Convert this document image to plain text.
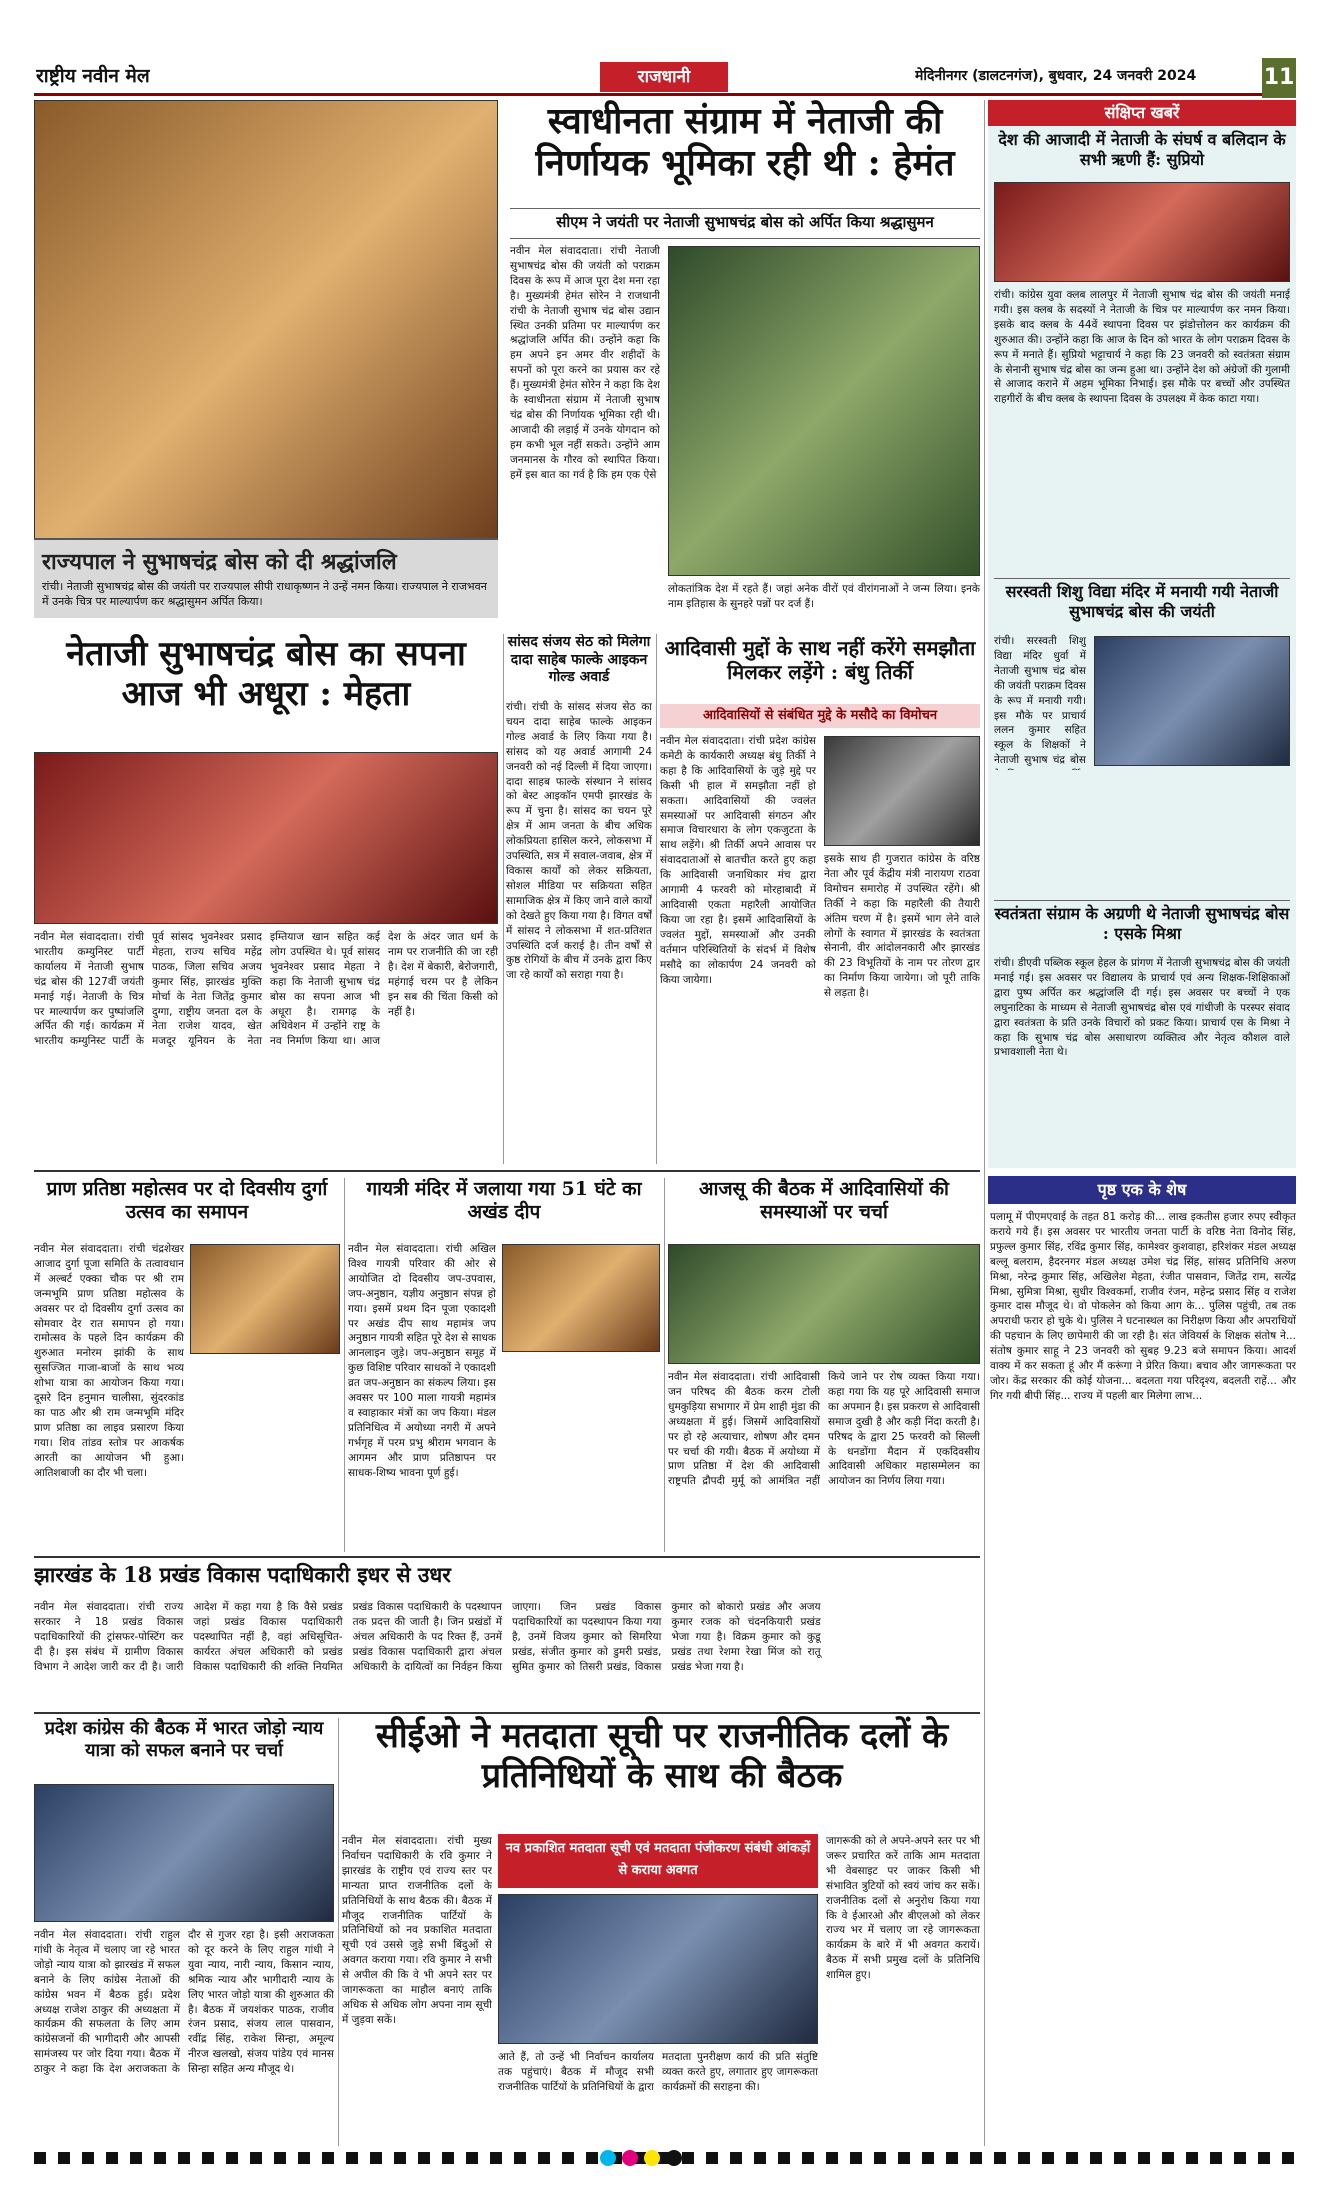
राष्ट्रीय नवीन मेल	राजधानी	मेदिनीनगर (डालटनगंज), बुधवार, 24 जनवरी 2024	11
राज्यपाल ने सुभाषचंद्र बोस को दी श्रद्धांजलि
रांची। नेताजी सुभाषचंद्र बोस की जयंती पर राज्यपाल सीपी राधाकृष्णन ने उन्हें नमन किया। राज्यपाल ने राजभवन में उनके चित्र पर माल्यार्पण कर श्रद्धासुमन अर्पित किया।
स्वाधीनता संग्राम में नेताजी की निर्णायक भूमिका रही थी : हेमंत
सीएम ने जयंती पर नेताजी सुभाषचंद्र बोस को अर्पित किया श्रद्धासुमन
नवीन मेल संवाददाता। रांची नेताजी सुभाषचंद्र बोस की जयंती को पराक्रम दिवस के रूप में आज पूरा देश मना रहा है। मुख्यमंत्री हेमंत सोरेन ने राजधानी रांची के नेताजी सुभाष चंद्र बोस उद्यान स्थित उनकी प्रतिमा पर माल्यार्पण कर श्रद्धांजलि अर्पित की। उन्होंने कहा कि हम अपने इन अमर वीर शहीदों के सपनों को पूरा करने का प्रयास कर रहे हैं। मुख्यमंत्री हेमंत सोरेन ने कहा कि देश के स्वाधीनता संग्राम में नेताजी सुभाष चंद्र बोस की निर्णायक भूमिका रही थी। आजादी की लड़ाई में उनके योगदान को हम कभी भूल नहीं सकते। उन्होंने आम जनमानस के गौरव को स्थापित किया। हमें इस बात का गर्व है कि हम एक ऐसे
लोकतांत्रिक देश में रहते हैं। जहां अनेक वीरों एवं वीरांगनाओं ने जन्म लिया। इनके नाम इतिहास के सुनहरे पन्नों पर दर्ज हैं।
संक्षिप्त खबरें
देश की आजादी में नेताजी के संघर्ष व बलिदान के सभी ऋणी हैं: सुप्रियो
रांची। कांग्रेस युवा क्लब लालपुर में नेताजी सुभाष चंद्र बोस की जयंती मनाई गयी। इस क्लब के सदस्यों ने नेताजी के चित्र पर माल्यार्पण कर नमन किया। इसके बाद क्लब के 44वें स्थापना दिवस पर झंडोत्तोलन कर कार्यक्रम की शुरुआत की। उन्होंने कहा कि आज के दिन को भारत के लोग पराक्रम दिवस के रूप में मनाते हैं। सुप्रियो भट्टाचार्य ने कहा कि 23 जनवरी को स्वतंत्रता संग्राम के सेनानी सुभाष चंद्र बोस का जन्म हुआ था। उन्होंने देश को अंग्रेजों की गुलामी से आजाद कराने में अहम भूमिका निभाई। इस मौके पर बच्चों और उपस्थित राहगीरों के बीच क्लब के स्थापना दिवस के उपलक्ष्य में केक काटा गया।
सरस्वती शिशु विद्या मंदिर में मनायी गयी नेताजी सुभाषचंद्र बोस की जयंती
रांची। सरस्वती शिशु विद्या मंदिर धुर्वा में नेताजी सुभाष चंद्र बोस की जयंती पराक्रम दिवस के रूप में मनायी गयी। इस मौके पर प्राचार्य ललन कुमार सहित स्कूल के शिक्षकों ने नेताजी सुभाष चंद्र बोस
स्वतंत्रता संग्राम के अग्रणी थे नेताजी सुभाषचंद्र बोस : एसके मिश्रा
रांची। डीएवी पब्लिक स्कूल हेहल के प्रांगण में नेताजी सुभाषचंद्र बोस की जयंती मनाई गई। इस अवसर पर विद्यालय के प्राचार्य एवं अन्य शिक्षक-शिक्षिकाओं द्वारा पुष्प अर्पित कर श्रद्धांजलि दी गई। इस अवसर पर बच्चों ने एक लघुनाटिका के माध्यम से नेताजी सुभाषचंद्र बोस एवं गांधीजी के परस्पर संवाद द्वारा स्वतंत्रता के प्रति उनके विचारों को प्रकट किया। प्राचार्य एस के मिश्रा ने कहा कि सुभाष चंद्र बोस असाधारण व्यक्तित्व और नेतृत्व कौशल वाले प्रभावशाली नेता थे।
नेताजी सुभाषचंद्र बोस का सपना आज भी अधूरा : मेहता
नवीन मेल संवाददाता। रांची भारतीय कम्युनिस्ट पार्टी कार्यालय में नेताजी सुभाष चंद्र बोस की 127वीं जयंती मनाई गई। नेताजी के चित्र पर माल्यार्पण कर पुष्पांजलि अर्पित की गई। कार्यक्रम में भारतीय कम्युनिस्ट पार्टी के पूर्व सांसद भुवनेश्वर प्रसाद मेहता, राज्य सचिव महेंद्र पाठक, जिला सचिव अजय कुमार सिंह, झारखंड मुक्ति मोर्चा के नेता जितेंद्र कुमार दुग्गा, राष्ट्रीय जनता दल के नेता राजेश यादव, खेत मजदूर यूनियन के नेता इम्तियाज खान सहित कई लोग उपस्थित थे। पूर्व सांसद भुवनेश्वर प्रसाद मेहता ने कहा कि नेताजी सुभाष चंद्र बोस का सपना आज भी अधूरा है। रामगढ़ के अधिवेशन में उन्होंने राष्ट्र के नव निर्माण किया था। आज देश के अंदर जात धर्म के नाम पर राजनीति की जा रही है। देश में बेकारी, बेरोजगारी, महंगाई चरम पर है लेकिन इन सब की चिंता किसी को नहीं है।
सांसद संजय सेठ को मिलेगा दादा साहेब फाल्के आइकन गोल्ड अवार्ड
रांची। रांची के सांसद संजय सेठ का चयन दादा साहेब फाल्के आइकन गोल्ड अवार्ड के लिए किया गया है। सांसद को यह अवार्ड आगामी 24 जनवरी को नई दिल्ली में दिया जाएगा। दादा साहब फाल्के संस्थान ने सांसद को बेस्ट आइकॉन एमपी झारखंड के रूप में चुना है। सांसद का चयन पूरे क्षेत्र में आम जनता के बीच अधिक लोकप्रियता हासिल करने, लोकसभा में उपस्थिति, सत्र में सवाल-जवाब, क्षेत्र में विकास कार्यों को लेकर सक्रियता, सोशल मीडिया पर सक्रियता सहित सामाजिक क्षेत्र में किए जाने वाले कार्यों को देखते हुए किया गया है। विगत वर्षों में सांसद ने लोकसभा में शत-प्रतिशत उपस्थिति दर्ज कराई है। तीन वर्षों से कुष्ठ रोगियों के बीच में उनके द्वारा किए जा रहे कार्यों को सराहा गया है।
आदिवासी मुद्दों के साथ नहीं करेंगे समझौता मिलकर लड़ेंगे : बंधु तिर्की
आदिवासियों से संबंधित मुद्दे के मसौदे का विमोचन
नवीन मेल संवाददाता। रांची प्रदेश कांग्रेस कमेटी के कार्यकारी अध्यक्ष बंधु तिर्की ने कहा है कि आदिवासियों के जुड़े मुद्दे पर किसी भी हाल में समझौता नहीं हो सकता। आदिवासियों की ज्वलंत समस्याओं पर आदिवासी संगठन और समाज विचारधारा के लोग एकजुटता के साथ लड़ेंगे। श्री तिर्की अपने आवास पर संवाददाताओं से बातचीत करते हुए कहा कि आदिवासी जनाधिकार मंच द्वारा आगामी 4 फरवरी को मोरहाबादी में आदिवासी एकता महारैली आयोजित किया जा रहा है। इसमें आदिवासियों के ज्वलंत मुद्दों, समस्याओं और उनकी वर्तमान परिस्थितियों के संदर्भ में विशेष मसौदे का लोकार्पण 24 जनवरी को किया जायेगा।
इसके साथ ही गुजरात कांग्रेस के वरिष्ठ नेता और पूर्व केंद्रीय मंत्री नारायण राठवा विमोचन समारोह में उपस्थित रहेंगे। श्री तिर्की ने कहा कि महारैली की तैयारी अंतिम चरण में है। इसमें भाग लेने वाले लोगों के स्वागत में झारखंड के स्वतंत्रता सेनानी, वीर आंदोलनकारी और झारखंड की 23 विभूतियों के नाम पर तोरण द्वार का निर्माण किया जायेगा। जो पूरी ताकि से लड़ता है।
प्राण प्रतिष्ठा महोत्सव पर दो दिवसीय दुर्गा उत्सव का समापन
नवीन मेल संवाददाता। रांची चंद्रशेखर आजाद दुर्गा पूजा समिति के तत्वावधान में अल्बर्ट एक्का चौक पर श्री राम जन्मभूमि प्राण प्रतिष्ठा महोत्सव के अवसर पर दो दिवसीय दुर्गा उत्सव का सोमवार देर रात समापन हो गया। रामोत्सव के पहले दिन कार्यक्रम की शुरुआत मनोरम झांकी के साथ सुसज्जित गाजा-बाजों के साथ भव्य शोभा यात्रा का आयोजन किया गया। दूसरे दिन हनुमान चालीसा, सुंदरकांड का पाठ और श्री राम जन्मभूमि मंदिर प्राण प्रतिष्ठा का लाइव प्रसारण किया गया। शिव तांडव स्तोत्र पर आकर्षक आरती का आयोजन भी हुआ। आतिशबाजी का दौर भी चला।
गायत्री मंदिर में जलाया गया 51 घंटे का अखंड दीप
नवीन मेल संवाददाता। रांची अखिल विश्व गायत्री परिवार की ओर से आयोजित दो दिवसीय जप-उपवास, जप-अनुष्ठान, यज्ञीय अनुष्ठान संपन्न हो गया। इसमें प्रथम दिन पूजा एकादशी पर अखंड दीप साथ महामंत्र जप अनुष्ठान गायत्री सहित पूरे देश से साधक आनलाइन जुड़े। जप-अनुष्ठान समूह में कुछ विशिष्ट परिवार साधकों ने एकादशी व्रत जप-अनुष्ठान का संकल्प लिया। इस अवसर पर 100 माला गायत्री महामंत्र व स्वाहाकार मंत्रों का जप किया। मंडल प्रतिनिधित्व में अयोध्या नगरी में अपने गर्भगृह में परम प्रभु श्रीराम भगवान के आगमन और प्राण प्रतिष्ठापन पर साधक-शिष्य भावना पूर्ण हुई।
आजसू की बैठक में आदिवासियों की समस्याओं पर चर्चा
नवीन मेल संवाददाता। रांची आदिवासी जन परिषद की बैठक करम टोली धुमकुड़िया सभागार में प्रेम शाही मुंडा की अध्यक्षता में हुई। जिसमें आदिवासियों पर हो रहे अत्याचार, शोषण और दमन पर चर्चा की गयी। बैठक में अयोध्या में प्राण प्रतिष्ठा में देश की आदिवासी राष्ट्रपति द्रौपदी मुर्मू को आमंत्रित नहीं किये जाने पर रोष व्यक्त किया गया। कहा गया कि यह पूरे आदिवासी समाज का अपमान है। इस प्रकरण से आदिवासी समाज दुखी है और कड़ी निंदा करती है। परिषद के द्वारा 25 फरवरी को सिल्ली के धनडोंगा मैदान में एकदिवसीय आदिवासी अधिकार महासम्मेलन का आयोजन का निर्णय लिया गया।
झारखंड के 18 प्रखंड विकास पदाधिकारी इधर से उधर
नवीन मेल संवाददाता। रांची राज्य सरकार ने 18 प्रखंड विकास पदाधिकारियों की ट्रांसफर-पोस्टिंग कर दी है। इस संबंध में ग्रामीण विकास विभाग ने आदेश जारी कर दी है। जारी आदेश में कहा गया है कि वैसे प्रखंड जहां प्रखंड विकास पदाधिकारी पदस्थापित नहीं है, वहां अधिसूचित-कार्यरत अंचल अधिकारी को प्रखंड विकास पदाधिकारी की शक्ति नियमित प्रखंड विकास पदाधिकारी के पदस्थापन तक प्रदत्त की जाती है। जिन प्रखंडों में अंचल अधिकारी के पद रिक्त हैं, उनमें प्रखंड विकास पदाधिकारी द्वारा अंचल अधिकारी के दायित्वों का निर्वहन किया जाएगा। जिन प्रखंड विकास पदाधिकारियों का पदस्थापन किया गया है, उनमें विजय कुमार को सिमरिया प्रखंड, संजीत कुमार को डुमरी प्रखंड, सुमित कुमार को तिसरी प्रखंड, विकास कुमार को बोकारो प्रखंड और अजय कुमार रजक को चंदनकियारी प्रखंड भेजा गया है। विक्रम कुमार को कुडू प्रखंड तथा रेशमा रेखा मिंज को रातू प्रखंड भेजा गया है।
प्रदेश कांग्रेस की बैठक में भारत जोड़ो न्याय यात्रा को सफल बनाने पर चर्चा
नवीन मेल संवाददाता। रांची राहुल गांधी के नेतृत्व में चलाए जा रहे भारत जोड़ो न्याय यात्रा को झारखंड में सफल बनाने के लिए कांग्रेस नेताओं की कांग्रेस भवन में बैठक हुई। प्रदेश अध्यक्ष राजेश ठाकुर की अध्यक्षता में कार्यक्रम की सफलता के लिए आम कांग्रेसजनों की भागीदारी और आपसी सामंजस्य पर जोर दिया गया। बैठक में ठाकुर ने कहा कि देश अराजकता के दौर से गुजर रहा है। इसी अराजकता को दूर करने के लिए राहुल गांधी ने युवा न्याय, नारी न्याय, किसान न्याय, श्रमिक न्याय और भागीदारी न्याय के लिए भारत जोड़ो यात्रा की शुरुआत की है। बैठक में जयशंकर पाठक, राजीव रंजन प्रसाद, संजय लाल पासवान, रवींद्र सिंह, राकेश सिन्हा, अमूल्य नीरज खलखो, संजय पांडेय एवं मानस सिन्हा सहित अन्य मौजूद थे।
सीईओ ने मतदाता सूची पर राजनीतिक दलों के प्रतिनिधियों के साथ की बैठक
नवीन मेल संवाददाता। रांची मुख्य निर्वाचन पदाधिकारी के रवि कुमार ने झारखंड के राष्ट्रीय एवं राज्य स्तर पर मान्यता प्राप्त राजनीतिक दलों के प्रतिनिधियों के साथ बैठक की। बैठक में मौजूद राजनीतिक पार्टियों के प्रतिनिधियों को नव प्रकाशित मतदाता सूची एवं उससे जुड़े सभी बिंदुओं से अवगत कराया गया। रवि कुमार ने सभी से अपील की कि वे भी अपने स्तर पर जागरूकता का माहौल बनाएं ताकि अधिक से अधिक लोग अपना नाम सूची में जुड़वा सकें।
नव प्रकाशित मतदाता सूची एवं मतदाता पंजीकरण संबंधी आंकड़ों से कराया अवगत
आते हैं, तो उन्हें भी निर्वाचन कार्यालय तक पहुंचाएं। बैठक में मौजूद सभी राजनीतिक पार्टियों के प्रतिनिधियों के द्वारा मतदाता पुनरीक्षण कार्य की प्रति संतुष्टि व्यक्त करते हुए, लगातार हुए जागरूकता कार्यक्रमों की सराहना की।
जागरूकी को ले अपने-अपने स्तर पर भी जरूर प्रचारित करें ताकि आम मतदाता भी वेबसाइट पर जाकर किसी भी संभावित त्रुटियों को स्वयं जांच कर सकें। राजनीतिक दलों से अनुरोध किया गया कि वे ईआरओ और बीएलओ को लेकर राज्य भर में चलाए जा रहे जागरूकता कार्यक्रम के बारे में भी अवगत करायें। बैठक में सभी प्रमुख दलों के प्रतिनिधि शामिल हुए।
पृष्ठ एक के शेष
पलामू में पीएमएवाई के तहत 81 करोड़ की... लाख इकतीस हजार रुपए स्वीकृत कराये गये हैं। इस अवसर पर भारतीय जनता पार्टी के वरिष्ठ नेता विनोद सिंह, प्रफुल्ल कुमार सिंह, रविंद्र कुमार सिंह, कामेश्वर कुशवाहा, हरिशंकर मंडल अध्यक्ष बल्लू बलराम, हैदरनगर मंडल अध्यक्ष उमेश चंद्र सिंह, सांसद प्रतिनिधि अरुण मिश्रा, नरेन्द्र कुमार सिंह, अखिलेश मेहता, रंजीत पासवान, जितेंद्र राम, सत्येंद्र मिश्रा, सुमित्रा मिश्रा, सुधीर विश्वकर्मा, राजीव रंजन, महेन्द्र प्रसाद सिंह व राजेश कुमार दास मौजूद थे। वो पोकलेन को किया आग के... पुलिस पहुंची, तब तक अपराधी फरार हो चुके थे। पुलिस ने घटनास्थल का निरीक्षण किया और अपराधियों की पहचान के लिए छापेमारी की जा रही है। संत जेवियर्स के शिक्षक संतोष ने... संतोष कुमार साहू ने 23 जनवरी को सुबह 9.23 बजे समापन किया। आदर्श वाक्य में कर सकता हूं और मैं करूंगा ने प्रेरित किया। बचाव और जागरूकता पर जोर। केंद्र सरकार की कोई योजना... बदलता गया परिदृश्य, बदलती राहें... और गिर गयी बीपी सिंह... राज्य में पहली बार मिलेगा लाभ...
